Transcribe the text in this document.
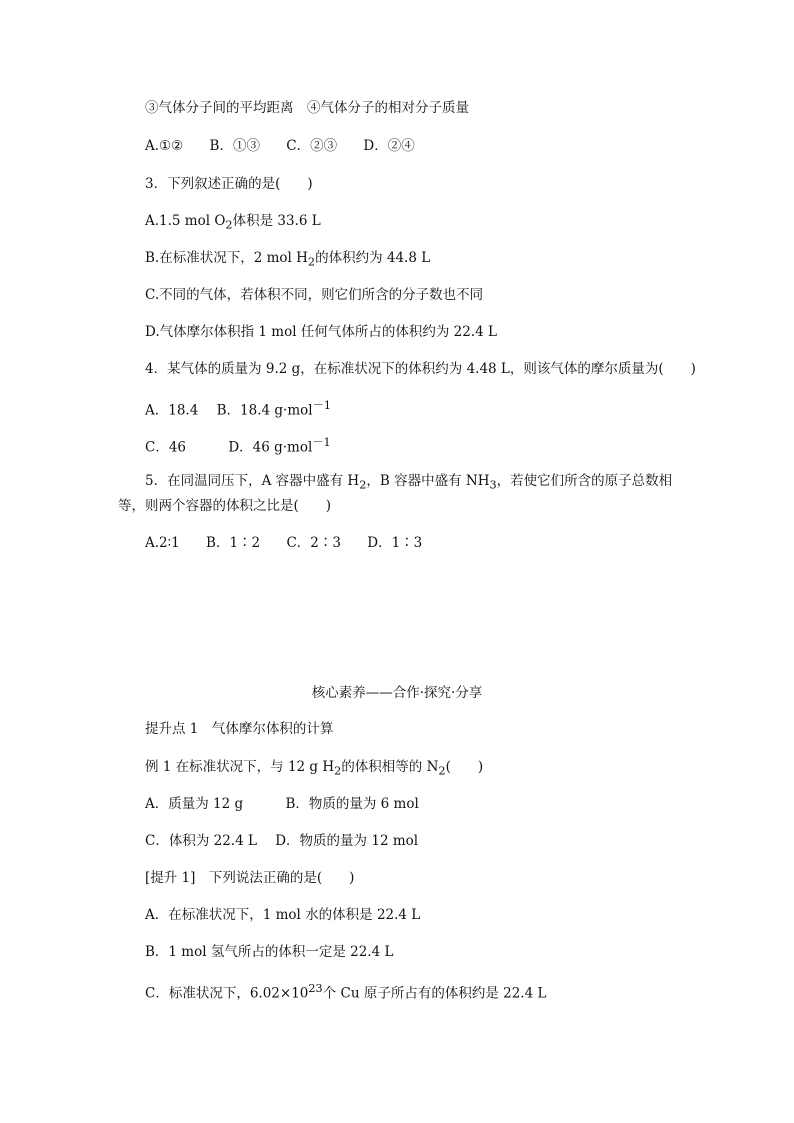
③气体分子间的平均距离　④气体分子的相对分子质量
A.①② B．①③ C．②③ D．②④
3．下列叙述正确的是(　　)
A.1.5 mol $O_2$体积是 33.6 L
B.在标准状况下，2 mol $H_2$的体积约为 44.8 L
C.不同的气体，若体积不同，则它们所含的分子数也不同
D.气体摩尔体积指 1 mol 任何气体所占的体积约为 22.4 L
4．某气体的质量为 9.2 g，在标准状况下的体积约为 4.48 L，则该气体的摩尔质量为(　　)
A．18.4 B．18.4 g·mol$^{-1}$
C．46	D．46 g·mol$^{-1}$
5．在同温同压下，A 容器中盛有 $H_2$，B 容器中盛有 $NH_3$，若使它们所含的原子总数相
等，则两个容器的体积之比是(　　)
A.2∶1 B．1∶2 C．2∶3 D．1∶3
核心素养——合作·探究·分享
提升点 1　气体摩尔体积的计算
例 1 在标准状况下，与 12 g $H_2$的体积相等的 $N_2$(　　)
A．质量为 12 g	B．物质的量为 6 mol
C．体积为 22.4 L D．物质的量为 12 mol
[提升 1]　下列说法正确的是(　　)
A．在标准状况下，1 mol 水的体积是 22.4 L
B．1 mol 氢气所占的体积一定是 22.4 L
C．标准状况下，$6.02\times 10^{23}$个 Cu 原子所占有的体积约是 22.4 L
